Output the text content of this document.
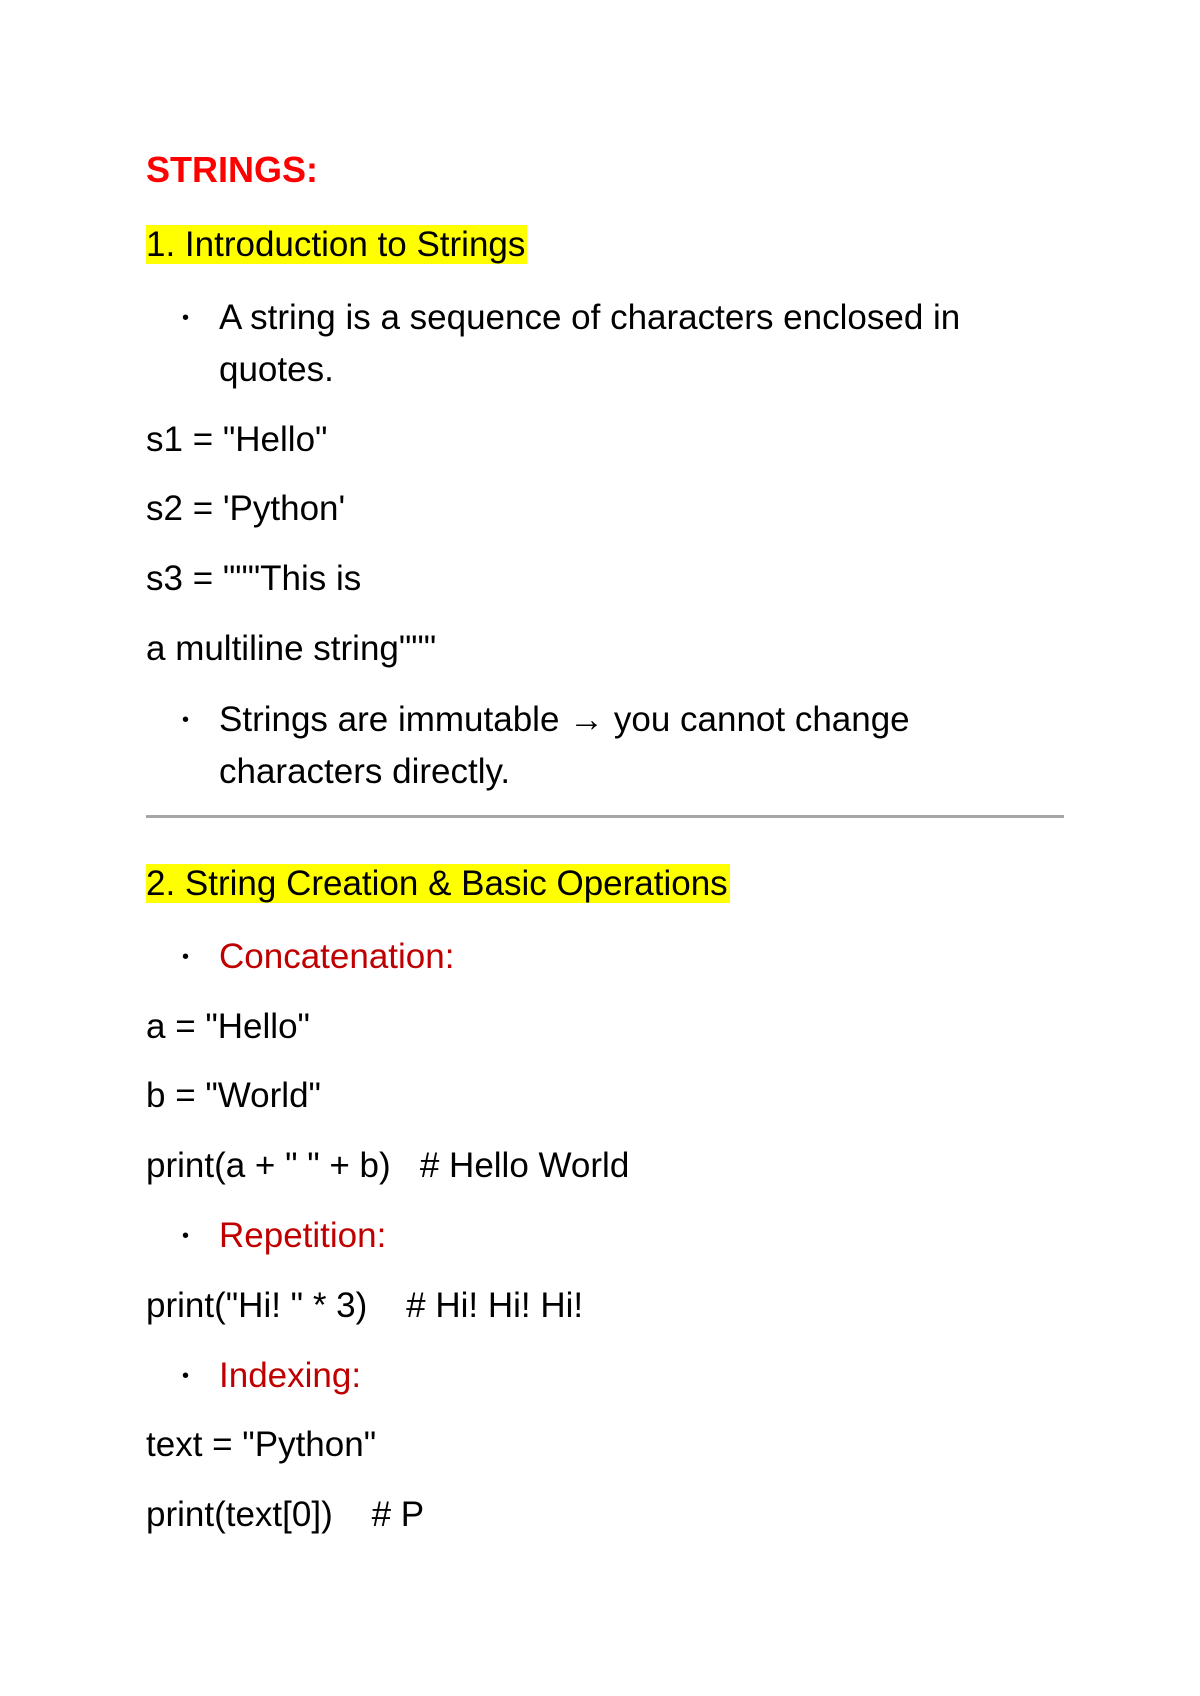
STRINGS:
1. Introduction to Strings
• A string is a sequence of characters enclosed in quotes.
s1 = "Hello"
s2 = 'Python'
s3 = """This is
a multiline string"""
• Strings are immutable → you cannot change characters directly.
2. String Creation & Basic Operations
• Concatenation:
a = "Hello"
b = "World"
print(a + " " + b)   # Hello World
• Repetition:
print("Hi! " * 3)    # Hi! Hi! Hi!
• Indexing:
text = "Python"
print(text[0])    # P
